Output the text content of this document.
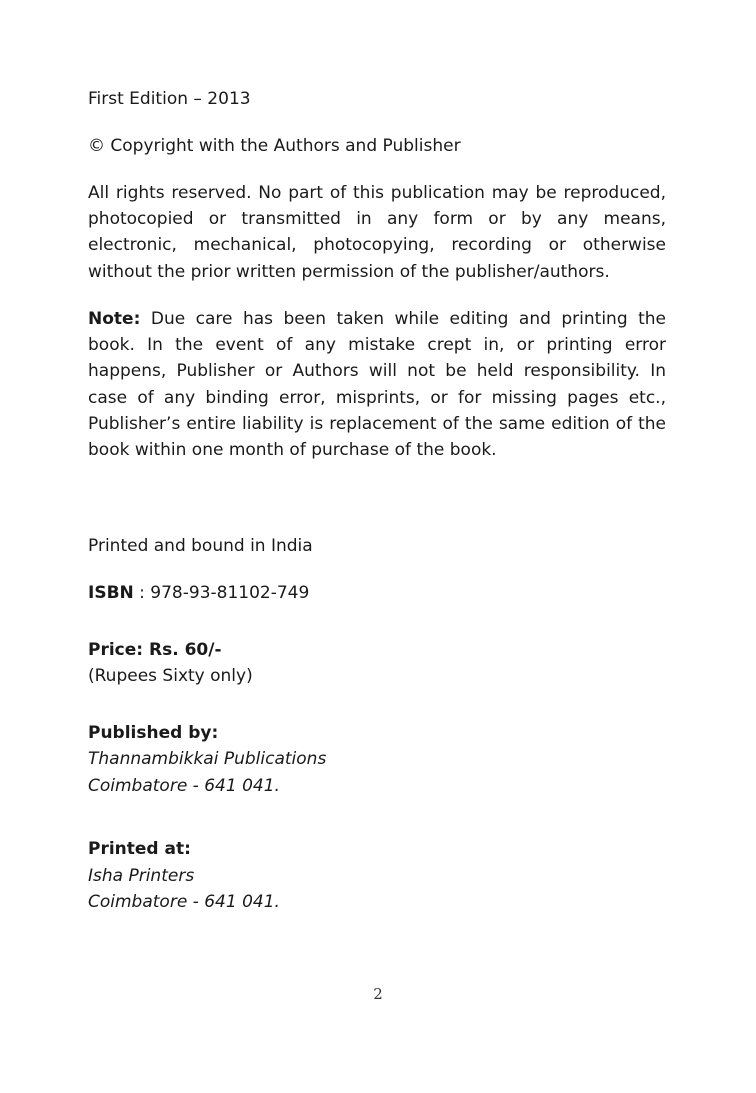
First Edition – 2013
© Copyright with the Authors and Publisher
All rights reserved. No part of this publication may be reproduced, photocopied or transmitted in any form or by any means, electronic, mechanical, photocopying, recording or otherwise without the prior written permission of the publisher/authors.
Note: Due care has been taken while editing and printing the book. In the event of any mistake crept in, or printing error happens, Publisher or Authors will not be held responsibility. In case of any binding error, misprints, or for missing pages etc., Publisher’s entire liability is replacement of the same edition of the book within one month of purchase of the book.
Printed and bound in India
ISBN : 978-93-81102-749
Price: Rs. 60/-
(Rupees Sixty only)
Published by:
Thannambikkai Publications
Coimbatore - 641 041.
Printed at:
Isha Printers
Coimbatore - 641 041.
2
